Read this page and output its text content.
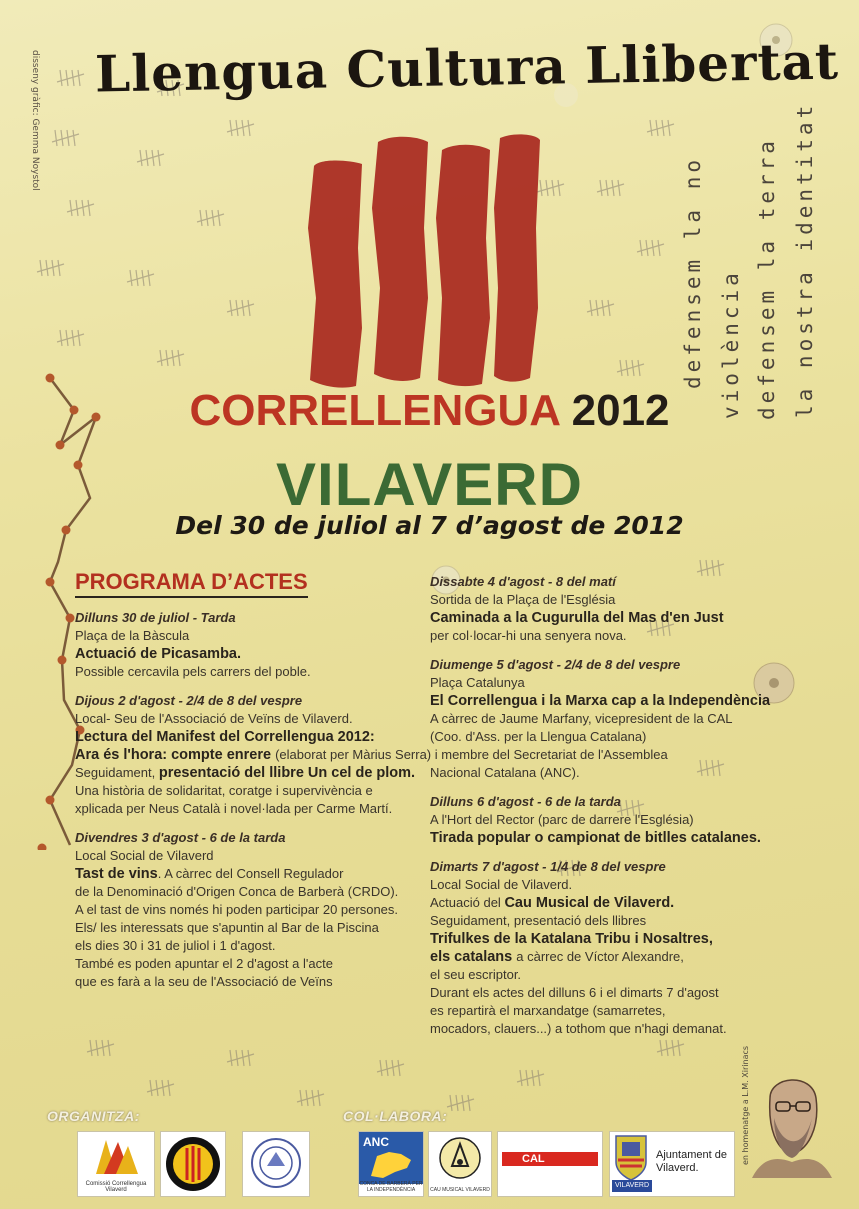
disseny gràfic: Gemma Noystol Llengua Cultura Llibertat
defensem la no violència defensem la terra la nostra identitat
CORRELLENGUA 2012
VILAVERD
Del 30 de juliol al 7 d’agost de 2012
PROGRAMA D’ACTES
Dilluns 30 de juliol - Tarda
Plaça de la Bàscula
Actuació de Picasamba.
Possible cercavila pels carrers del poble.
Dijous 2 d'agost - 2/4 de 8 del vespre
Local- Seu de l'Associació de Veïns de Vilaverd.
Lectura del Manifest del Correllengua 2012:
Ara és l'hora: compte enrere (elaborat per Màrius Serra) i membre del Secretariat de l'Assemblea
Seguidament, presentació del llibre Un cel de plom.
Una història de solidaritat, coratge i supervivència e
xplicada per Neus Català i novel·lada per Carme Martí.
Divendres 3 d'agost - 6 de la tarda
Local Social de Vilaverd
Tast de vins. A càrrec del Consell Regulador
de la Denominació d'Origen Conca de Barberà (CRDO).
A el tast de vins només hi poden participar 20 persones.
Els/ les interessats que s'apuntin al Bar de la Piscina
els dies 30 i 31 de juliol i 1 d'agost.
També es poden apuntar el 2 d'agost a l'acte
que es farà a la seu de l'Associació de Veïns
Dissabte 4 d'agost - 8 del matí
Sortida de la Plaça de l'Església
Caminada a la Cugurulla del Mas d'en Just
per col·locar-hi una senyera nova.
Diumenge 5 d'agost - 2/4 de 8 del vespre
Plaça Catalunya
El Correllengua i la Marxa cap a la Independència
A càrrec de Jaume Marfany, vicepresident de la CAL
(Coo. d'Ass. per la Llengua Catalana)
Nacional Catalana (ANC).
Dilluns 6 d'agost - 6 de la tarda
A l'Hort del Rector (parc de darrere l'Església)
Tirada popular o campionat de bitlles catalanes.
Dimarts 7 d'agost - 1/4 de 8 del vespre
Local Social de Vilaverd.
Actuació del Cau Musical de Vilaverd.
Seguidament, presentació dels llibres
Trifulkes de la Katalana Tribu i Nosaltres,
els catalans a càrrec de Víctor Alexandre,
el seu escriptor.
Durant els actes del dilluns 6 i el dimarts 7 d'agost
es repartirà el marxandatge (samarretes,
mocadors, clauers...) a tothom que n'hagi demanat.
en homenatge a L.M. Xirinacs
ORGANITZA:	COL·LABORA:
Comissió Correllengua Vilaverd
ANC
CONCA DE BARBERÀ PER LA INDEPENDÈNCIA	CAU MUSICAL VILAVERD
CAL
VILAVERD
Ajuntament de
Vilaverd.
